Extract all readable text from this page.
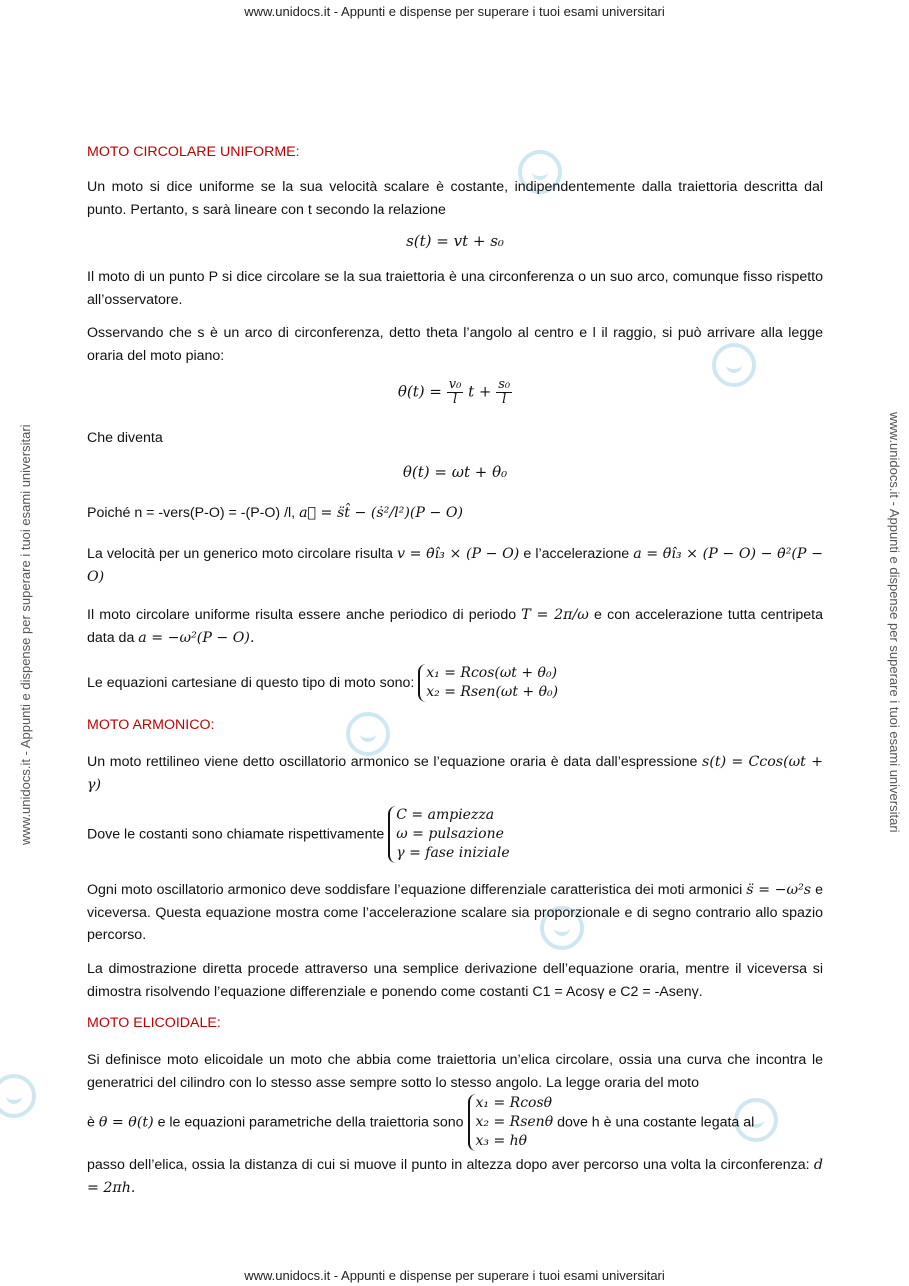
www.unidocs.it - Appunti e dispense per superare i tuoi esami universitari
www.unidocs.it - Appunti e dispense per superare i tuoi esami universitari	www.unidocs.it - Appunti e dispense per superare i tuoi esami universitari
MOTO CIRCOLARE UNIFORME:
Un moto si dice uniforme se la sua velocità scalare è costante, indipendentemente dalla traiettoria descritta dal punto. Pertanto, s sarà lineare con t secondo la relazione
s(t) = vt + s₀
Il moto di un punto P si dice circolare se la sua traiettoria è una circonferenza o un suo arco, comunque fisso rispetto all’osservatore.
Osservando che s è un arco di circonferenza, detto theta l’angolo al centro e l il raggio, si può arrivare alla legge oraria del moto piano:
$\theta(t) = \frac{\text{v₀}}{l}$ $t + \frac{\text{s₀}}{l}$
Che diventa
θ(t) = ωt + θ₀
Poiché n = -vers(P-O) = -(P-O) /l, a⃗ = s̈t̂ − (ṡ²/l²)(P − O)
La velocità per un generico moto circolare risulta v = θ̇î₃ × (P − O) e l’accelerazione a = θ̈î₃ × (P − O) − θ̇²(P − O)
Il moto circolare uniforme risulta essere anche periodico di periodo T = 2π/ω e con accelerazione tutta centripeta data da a = −ω²(P − O).
Le equazioni cartesiane di questo tipo di moto sono:
x₁ = Rcos(ωt + θ₀)
x₂ = Rsen(ωt + θ₀)
MOTO ARMONICO:
Un moto rettilineo viene detto oscillatorio armonico se l’equazione oraria è data dall’espressione s(t) = Ccos(ωt + γ)
Dove le costanti sono chiamate rispettivamente
C = ampiezza
ω = pulsazione
γ = fase iniziale
Ogni moto oscillatorio armonico deve soddisfare l’equazione differenziale caratteristica dei moti armonici s̈ = −ω²s e viceversa. Questa equazione mostra come l’accelerazione scalare sia proporzionale e di segno contrario allo spazio percorso.
La dimostrazione diretta procede attraverso una semplice derivazione dell’equazione oraria, mentre il viceversa si dimostra risolvendo l’equazione differenziale e ponendo come costanti C1 = Acosγ e C2 = -Asenγ.
MOTO ELICOIDALE:
Si definisce moto elicoidale un moto che abbia come traiettoria un’elica circolare, ossia una curva che incontra le generatrici del cilindro con lo stesso asse sempre sotto lo stesso angolo. La legge oraria del moto
è θ = θ(t) e le equazioni parametriche della traiettoria sono
x₁ = Rcosθ
x₂ = Rsenθ
x₃ = hθ
dove h è una costante legata al
passo dell’elica, ossia la distanza di cui si muove il punto in altezza dopo aver percorso una volta la circonferenza: d = 2πh.
www.unidocs.it - Appunti e dispense per superare i tuoi esami universitari
